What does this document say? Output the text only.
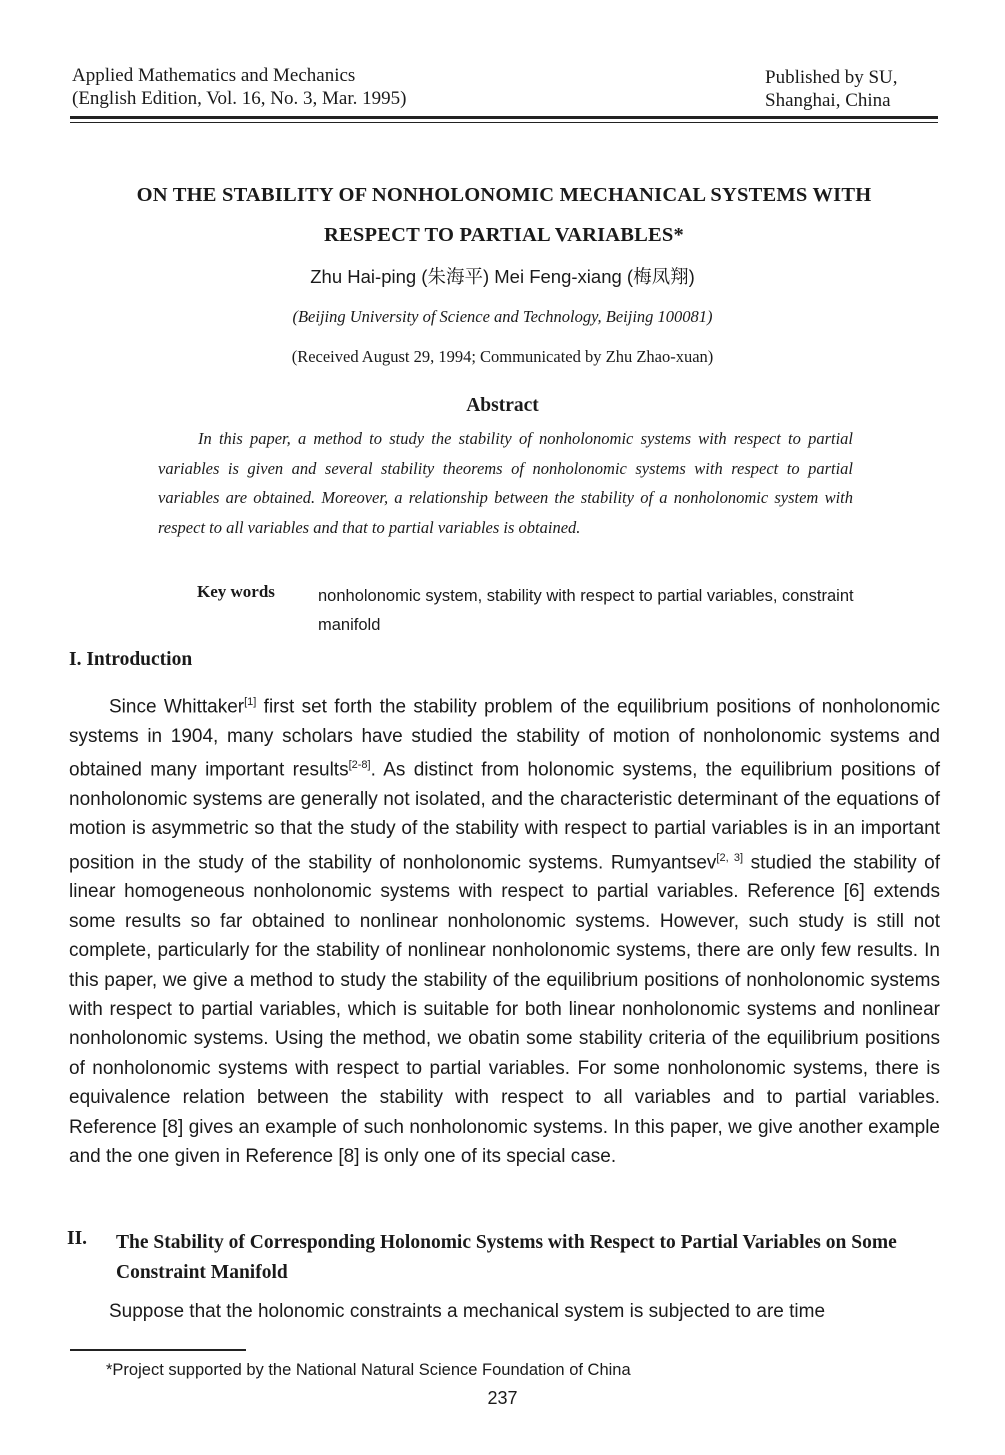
Applied Mathematics and Mechanics
(English Edition, Vol. 16, No. 3, Mar. 1995)
Published by SU,
Shanghai, China
ON THE STABILITY OF NONHOLONOMIC MECHANICAL SYSTEMS WITH
RESPECT TO PARTIAL VARIABLES*
Zhu Hai-ping (朱海平) Mei Feng-xiang (梅凤翔)
(Beijing University of Science and Technology, Beijing 100081)
(Received August 29, 1994; Communicated by Zhu Zhao-xuan)
Abstract

In this paper, a method to study the stability of nonholonomic systems with respect to partial variables is given and several stability theorems of nonholonomic systems with respect to partial variables are obtained. Moreover, a relationship between the stability of a nonholonomic system with respect to all variables and that to partial variables is obtained.

Key words	nonholonomic system, stability with respect to partial variables, constraint manifold
I. Introduction

Since Whittaker[1] first set forth the stability problem of the equilibrium positions of nonholonomic systems in 1904, many scholars have studied the stability of motion of nonholonomic systems and obtained many important results[2-8]. As distinct from holonomic systems, the equilibrium positions of nonholonomic systems are generally not isolated, and the characteristic determinant of the equations of motion is asymmetric so that the study of the stability with respect to partial variables is in an important position in the study of the stability of nonholonomic systems. Rumyantsev[2, 3] studied the stability of linear homogeneous nonholonomic systems with respect to partial variables. Reference [6] extends some results so far obtained to nonlinear nonholonomic systems. However, such study is still not complete, particularly for the stability of nonlinear nonholonomic systems, there are only few results. In this paper, we give a method to study the stability of the equilibrium positions of nonholonomic systems with respect to partial variables, which is suitable for both linear nonholonomic systems and nonlinear nonholonomic systems. Using the method, we obatin some stability criteria of the equilibrium positions of nonholonomic systems with respect to partial variables. For some nonholonomic systems, there is equivalence relation between the stability with respect to all variables and to partial variables. Reference [8] gives an example of such nonholonomic systems. In this paper, we give another example and the one given in Reference [8] is only one of its special case.

II. The Stability of Corresponding Holonomic Systems with Respect to Partial Variables on Some Constraint Manifold

Suppose that the holonomic constraints a mechanical system is subjected to are time

*Project supported by the National Natural Science Foundation of China
237
